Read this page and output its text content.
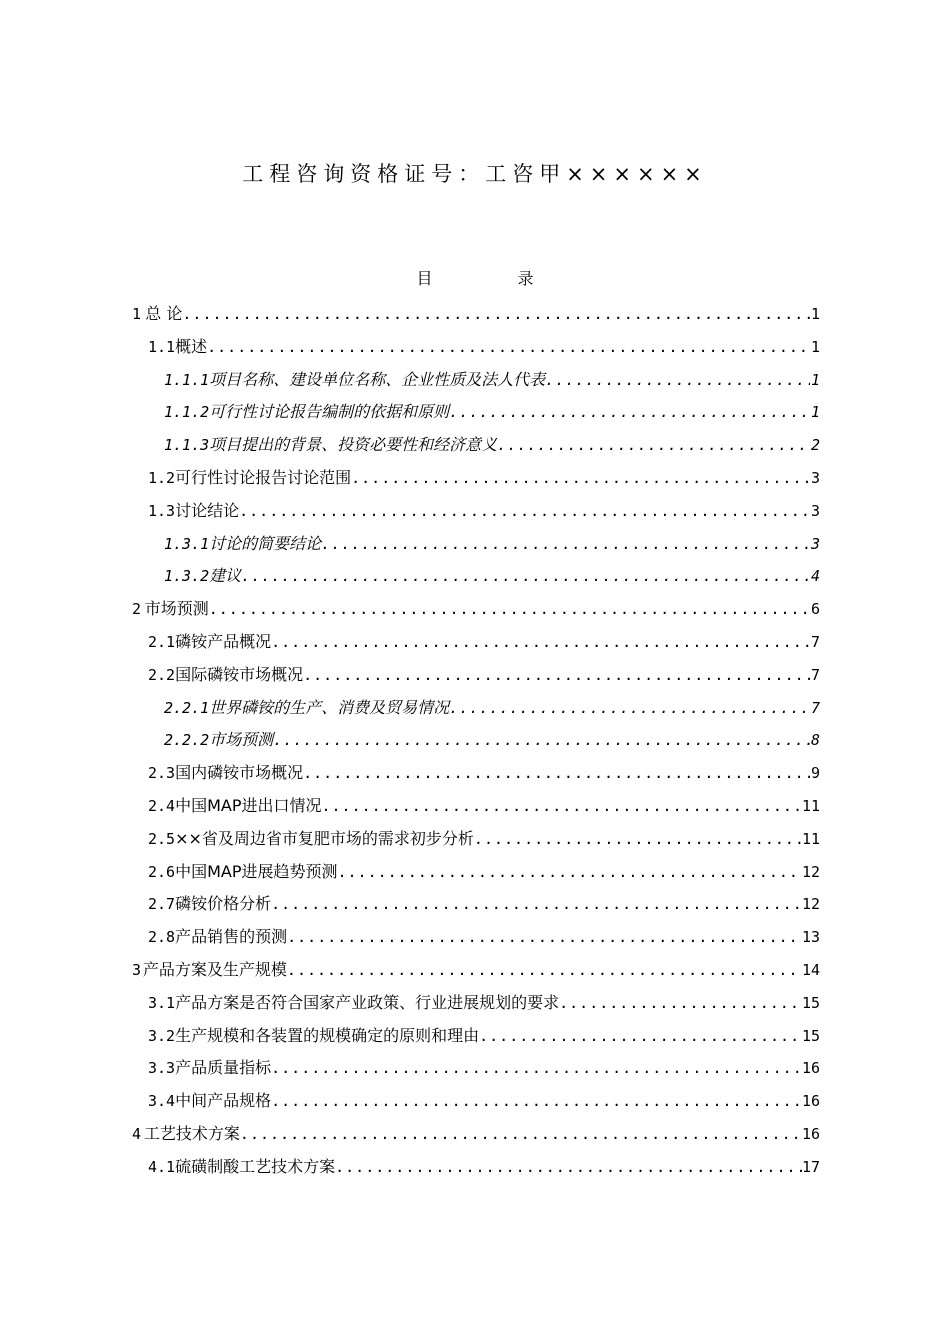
工程咨询资格证号：工咨甲××××××
目 录
1 总 论 .....	1
1.1 概述 .....	1
1.1.1 项目名称、建设单位名称、企业性质及法人代表 .....	1
1.1.2 可行性讨论报告编制的依据和原则 .....	1
1.1.3 项目提出的背景、投资必要性和经济意义 .....	2
1.2 可行性讨论报告讨论范围 .....	3
1.3 讨论结论 .....	3
1.3.1 讨论的简要结论 .....	3
1.3.2 建议 .....	4
2 市场预测 .....	6
2.1 磷铵产品概况 .....	7
2.2 国际磷铵市场概况 .....	7
2.2.1 世界磷铵的生产、消费及贸易情况 .....	7
2.2.2 市场预测 .....	8
2.3 国内磷铵市场概况 .....	9
2.4 中国MAP进出口情况 .....	11
2.5 ××省及周边省市复肥市场的需求初步分析 .....	11
2.6 中国MAP进展趋势预测 .....	12
2.7 磷铵价格分析 .....	12
2.8 产品销售的预测 .....	13
3 产品方案及生产规模 .....	14
3.1 产品方案是否符合国家产业政策、行业进展规划的要求 .....	15
3.2 生产规模和各装置的规模确定的原则和理由 .....	15
3.3 产品质量指标 .....	16
3.4 中间产品规格 .....	16
4 工艺技术方案 .....	16
4.1 硫磺制酸工艺技术方案 .....	17
